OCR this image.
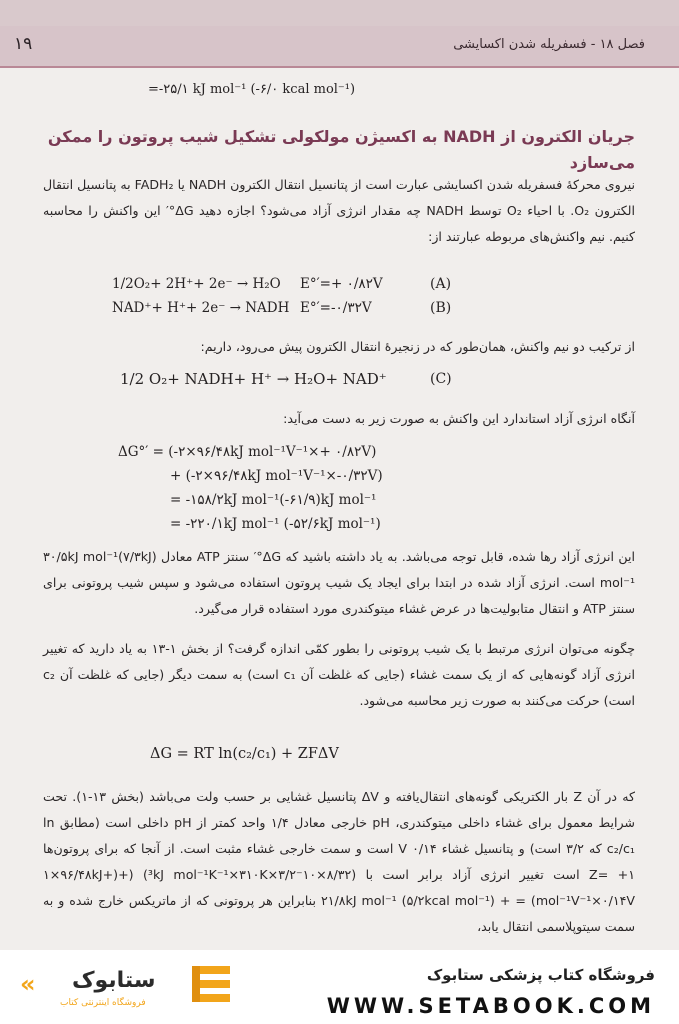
۱۹	فصل ۱۸ - فسفریله شدن اکسایشی
=-۲۵/۱ kJ mol⁻¹ (-۶/۰ kcal mol⁻¹)
جریان الکترون از NADH به اکسیژن مولکولی تشکیل شیب پروتون را ممکن می‌سازد
نیروی محرکهٔ فسفریله شدن اکسایشی عبارت است از پتانسیل انتقال الکترون NADH یا FADH₂ به پتانسیل انتقال الکترون O₂. با احیاء O₂ توسط NADH چه مقدار انرژی آزاد می‌شود؟ اجازه دهید ΔG°′ این واکنش را محاسبه کنیم. نیم واکنش‌های مربوطه عبارتند از:
1/2O₂+ 2H⁺+ 2e⁻ → H₂O E°′=+ ۰/۸۲V	(A)
NAD⁺+ H⁺+ 2e⁻ → NADH E°′=-۰/۳۲V	(B)
از ترکیب دو نیم واکنش، همان‌طور که در زنجیرهٔ انتقال الکترون پیش می‌رود، داریم:
1/2 O₂+ NADH+ H⁺ → H₂O+ NAD⁺	(C)
آنگاه انرژی آزاد استاندارد این واکنش به صورت زیر به دست می‌آید:
ΔG°′ = (-۲×۹۶/۴۸kJ mol⁻¹V⁻¹×+ ۰/۸۲V)
+ (-۲×۹۶/۴۸kJ mol⁻¹V⁻¹×-۰/۳۲V)
= -۱۵۸/۲kJ mol⁻¹(-۶۱/۹)kJ mol⁻¹
= -۲۲۰/۱kJ mol⁻¹ (-۵۲/۶kJ mol⁻¹)
این انرژی آزاد رها شده، قابل توجه می‌باشد. به یاد داشته باشید که ΔG°′ سنتز ATP معادل (۳۰/۵kJ mol⁻¹(۷/۳kJ mol⁻¹ است. انرژی آزاد شده در ابتدا برای ایجاد یک شیب پروتون استفاده می‌شود و سپس شیب پروتونی برای سنتز ATP و انتقال متابولیت‌ها در عرض غشاء میتوکندری مورد استفاده قرار می‌گیرد.
چگونه می‌توان انرژی مرتبط با یک شیب پروتونی را بطور کمّی اندازه گرفت؟ از بخش ۱-۱۳ به یاد دارید که تغییر انرژی آزاد گونه‌هایی که از یک سمت غشاء (جایی که غلظت آن c₁ است) به سمت دیگر (جایی که غلظت آن c₂ است) حرکت می‌کنند به صورت زیر محاسبه می‌شود.
ΔG = RT ln(c₂/c₁) + ZFΔV
که در آن Z بار الکتریکی گونه‌های انتقال‌یافته و ΔV پتانسیل غشایی بر حسب ولت می‌باشد (بخش ۱۳-۱). تحت شرایط معمول برای غشاء داخلی میتوکندری، pH خارجی معادل ۱/۴ واحد کمتر از pH داخلی است (مطابق ln c₂/c₁ که ۳/۲ است) و پتانسیل غشاء ۰/۱۴ V است و سمت خارجی غشاء مثبت است. از آنجا که برای پروتون‌ها ۱+ =Z است تغییر انرژی آزاد برابر است با (۸/۳۲×۱۰⁻³kJ mol⁻¹K⁻¹×۳۱۰K×۳/۲) (+(+۱×۹۶/۴۸kJ mol⁻¹V⁻¹×۰/۱۴V) = + ۲۱/۸kJ mol⁻¹ (۵/۲kcal mol⁻¹) بنابراین هر پروتونی که از ماتریکس خارج شده و به سمت سیتوپلاسمی انتقال یابد،
« ستابوک
فروشگاه اینترنتی کتاب
فروشگاه کتاب پزشکی ستابوک
WWW.SETABOOK.COM
